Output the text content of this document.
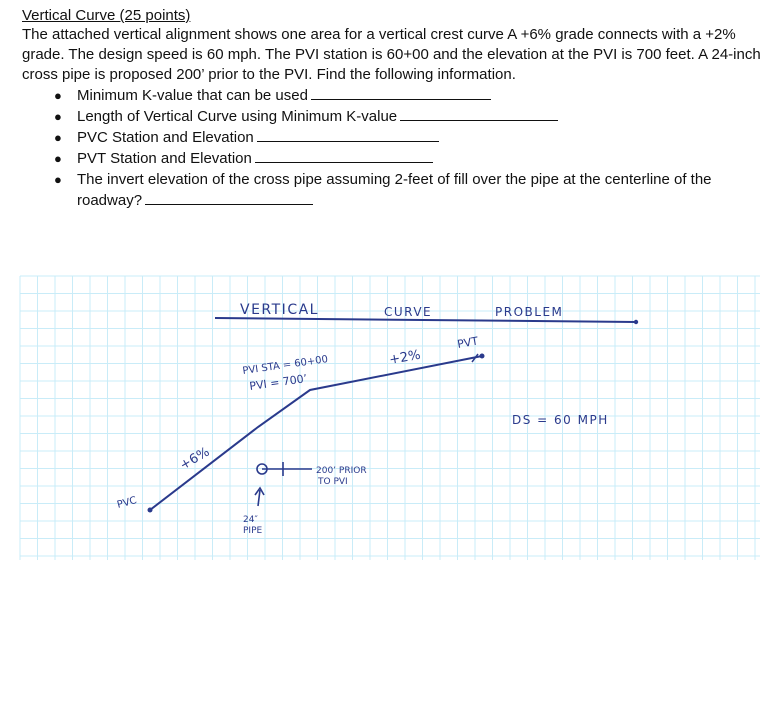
Vertical Curve (25 points)

The attached vertical alignment shows one area for a vertical crest curve A +6% grade connects with a +2% grade. The design speed is 60 mph. The PVI station is 60+00 and the elevation at the PVI is 700 feet. A 24-inch cross pipe is proposed 200’ prior to the PVI. Find the following information.

● Minimum K-value that can be used
● Length of Vertical Curve using Minimum K-value
● PVC Station and Elevation
● PVT Station and Elevation
● The invert elevation of the cross pipe assuming 2-feet of fill over the pipe at the centerline of the roadway?
VERTICAL	CURVE	PROBLEM
PVI STA = 60+00
PVI = 700’
+2%
PVT
+6%
PVC
DS = 60 MPH
200’ PRIOR
TO PVI
24″
PIPE
